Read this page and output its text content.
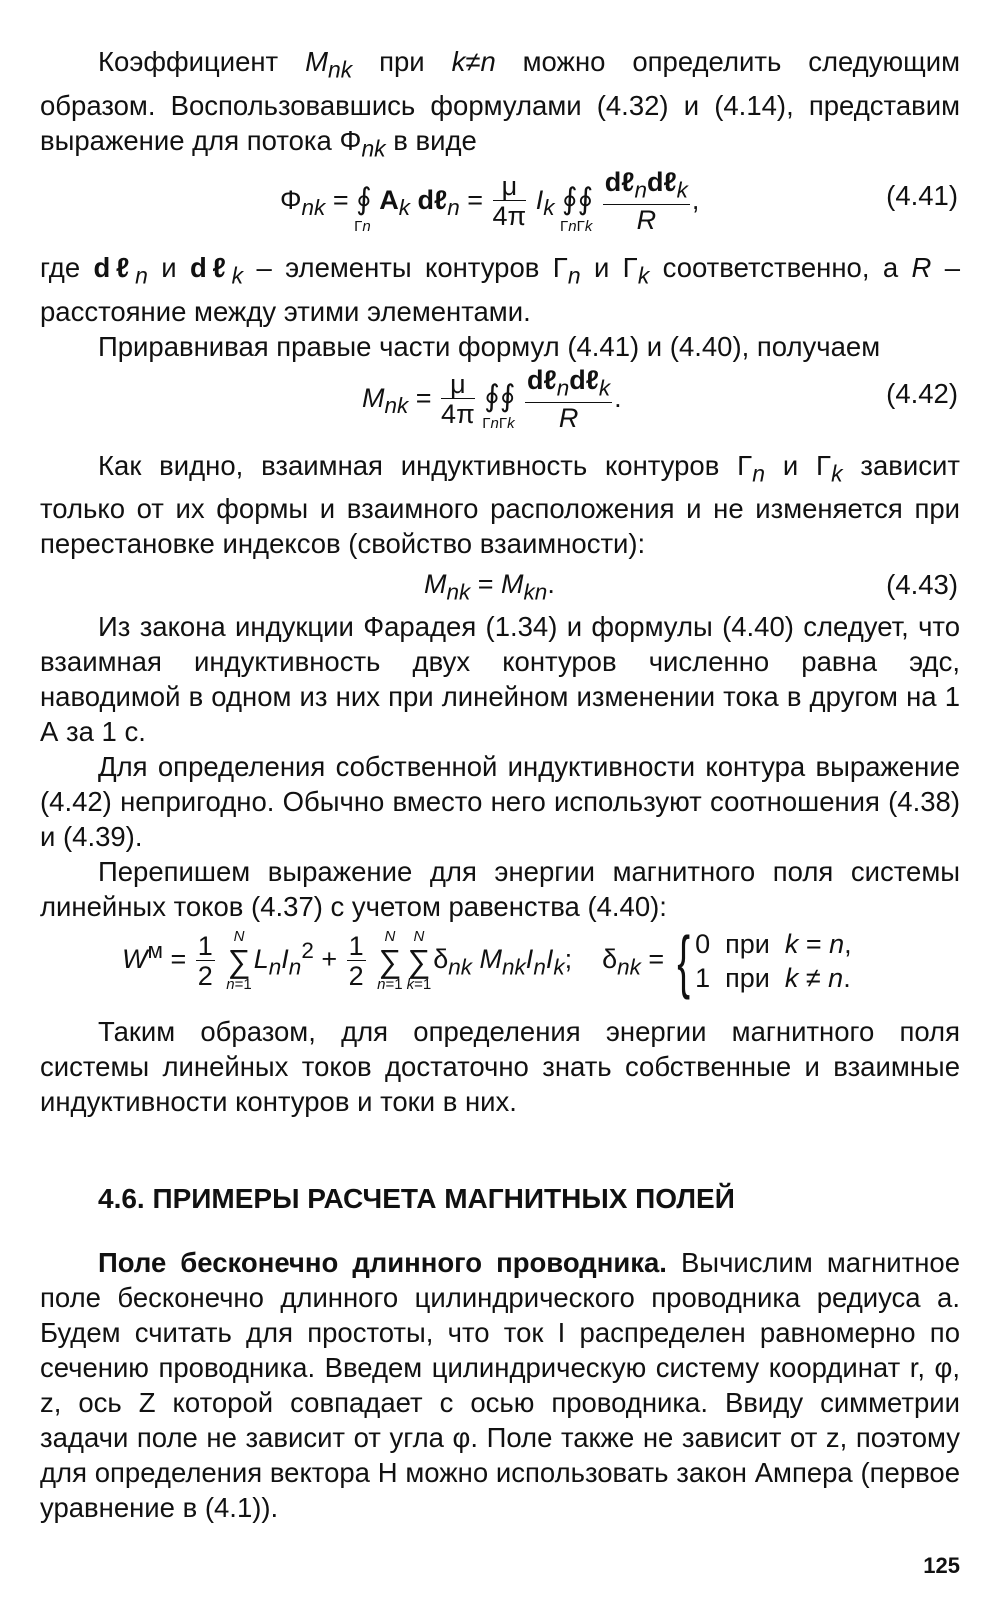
Коэффициент $M_{nk}$ при k≠n можно определить следующим образом. Воспользовавшись формулами (4.32) и (4.14), представим выражение для потока $\Phi_{nk}$ в виде

$\Phi_{nk}$ = ∮
Γn
$A_k$ dℓ$_n$ = $\frac{\mu}{4\pi} I_k$ ∮∮
ΓnΓk
$\frac{d\ell_nd\ell_k}{R}$ ,	(4.41)

где dℓ$_n$ и dℓ$_k$ – элементы контуров $\Gamma_n$ и $\Gamma_k$ соответственно, а R – расстояние между этими элементами.

Приравнивая правые части формул (4.41) и (4.40), получаем

$M_{nk} = \frac{\mu}{4\pi}$ ∮∮
ΓnΓk
$\frac{d\ell_nd\ell_k}{R}$ .	(4.42)

Как видно, взаимная индуктивность контуров $\Gamma_n$ и $\Gamma_k$ зависит только от их формы и взаимного расположения и не изменяется при перестановке индексов (свойство взаимности):

$M_{nk} = M_{kn}$.	(4.43)

Из закона индукции Фарадея (1.34) и формулы (4.40) следует, что взаимная индуктивность двух контуров численно равна эдс, наводимой в одном из них при линейном изменении тока в другом на 1 А за 1 с.

Для определения собственной индуктивности контура выражение (4.42) непригодно. Обычно вместо него используют соотношения (4.38) и (4.39).

Перепишем выражение для энергии магнитного поля системы линейных токов (4.37) с учетом равенства (4.40):

$W^м = \frac{1}{2}$
	N
∑
n=1
$L_nI_n^2 + \frac{1}{2}$
	N
∑
n=1
N
∑
k=1
$\delta_{nk}$ $M_{nk}I_nI_k$;    $\delta_{nk}$ = { 0  при  k = n,
1  при  k ≠ n.

Таким образом, для определения энергии магнитного поля системы линейных токов достаточно знать собственные и взаимные индуктивности контуров и токи в них.

4.6. ПРИМЕРЫ РАСЧЕТА МАГНИТНЫХ ПОЛЕЙ

Поле бесконечно длинного проводника. Вычислим магнитное поле бесконечно длинного цилиндрического проводника редиуса a. Будем считать для простоты, что ток I распределен равномерно по сечению проводника. Введем цилиндрическую систему координат r, φ, z, ось Z которой совпадает с осью проводника. Ввиду симметрии задачи поле не зависит от угла φ. Поле также не зависит от z, поэтому для определения вектора H можно использовать закон Ампера (первое уравнение в (4.1)).

125
